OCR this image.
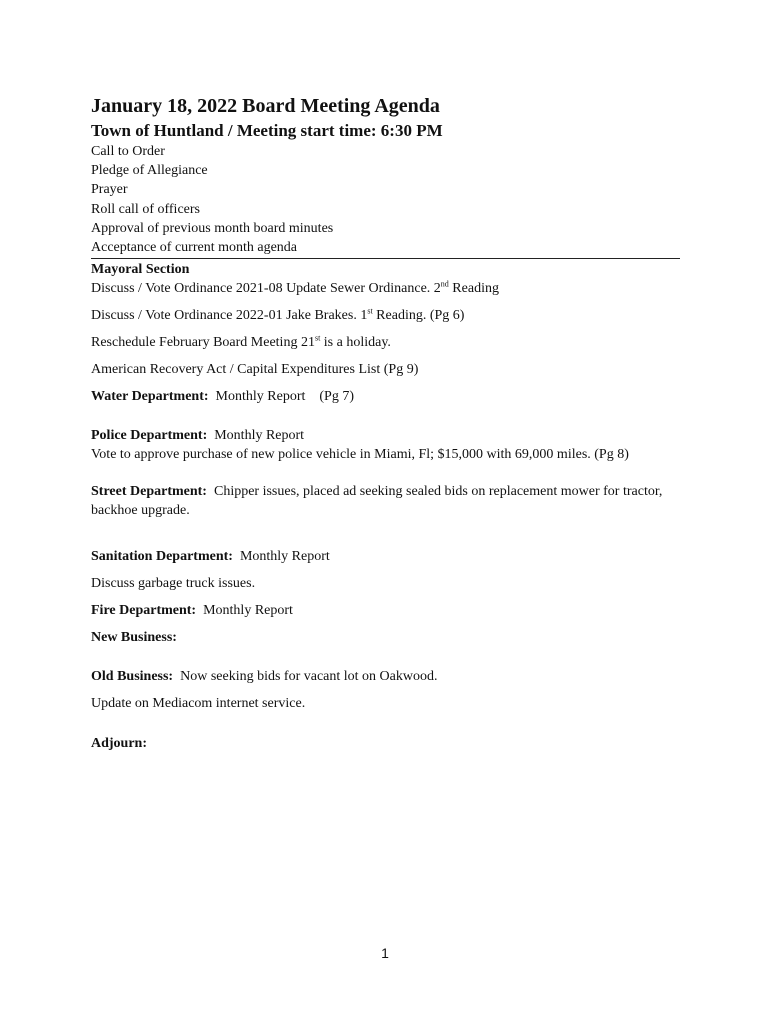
January 18, 2022 Board Meeting Agenda
Town of Huntland / Meeting start time: 6:30 PM
Call to Order
Pledge of Allegiance
Prayer
Roll call of officers
Approval of previous month board minutes
Acceptance of current month agenda
Mayoral Section

Discuss / Vote Ordinance 2021-08 Update Sewer Ordinance. 2nd Reading

Discuss / Vote Ordinance 2022-01 Jake Brakes. 1st Reading. (Pg 6)

Reschedule February Board Meeting 21st is a holiday.

American Recovery Act / Capital Expenditures List (Pg 9)

Water Department:  Monthly Report    (Pg 7)

Police Department:  Monthly Report

Vote to approve purchase of new police vehicle in Miami, Fl; $15,000 with 69,000 miles. (Pg 8)

Street Department:  Chipper issues, placed ad seeking sealed bids on replacement mower for tractor, backhoe upgrade.

Sanitation Department:  Monthly Report

Discuss garbage truck issues.

Fire Department:  Monthly Report

New Business:

Old Business:  Now seeking bids for vacant lot on Oakwood.

Update on Mediacom internet service.

Adjourn:

1
